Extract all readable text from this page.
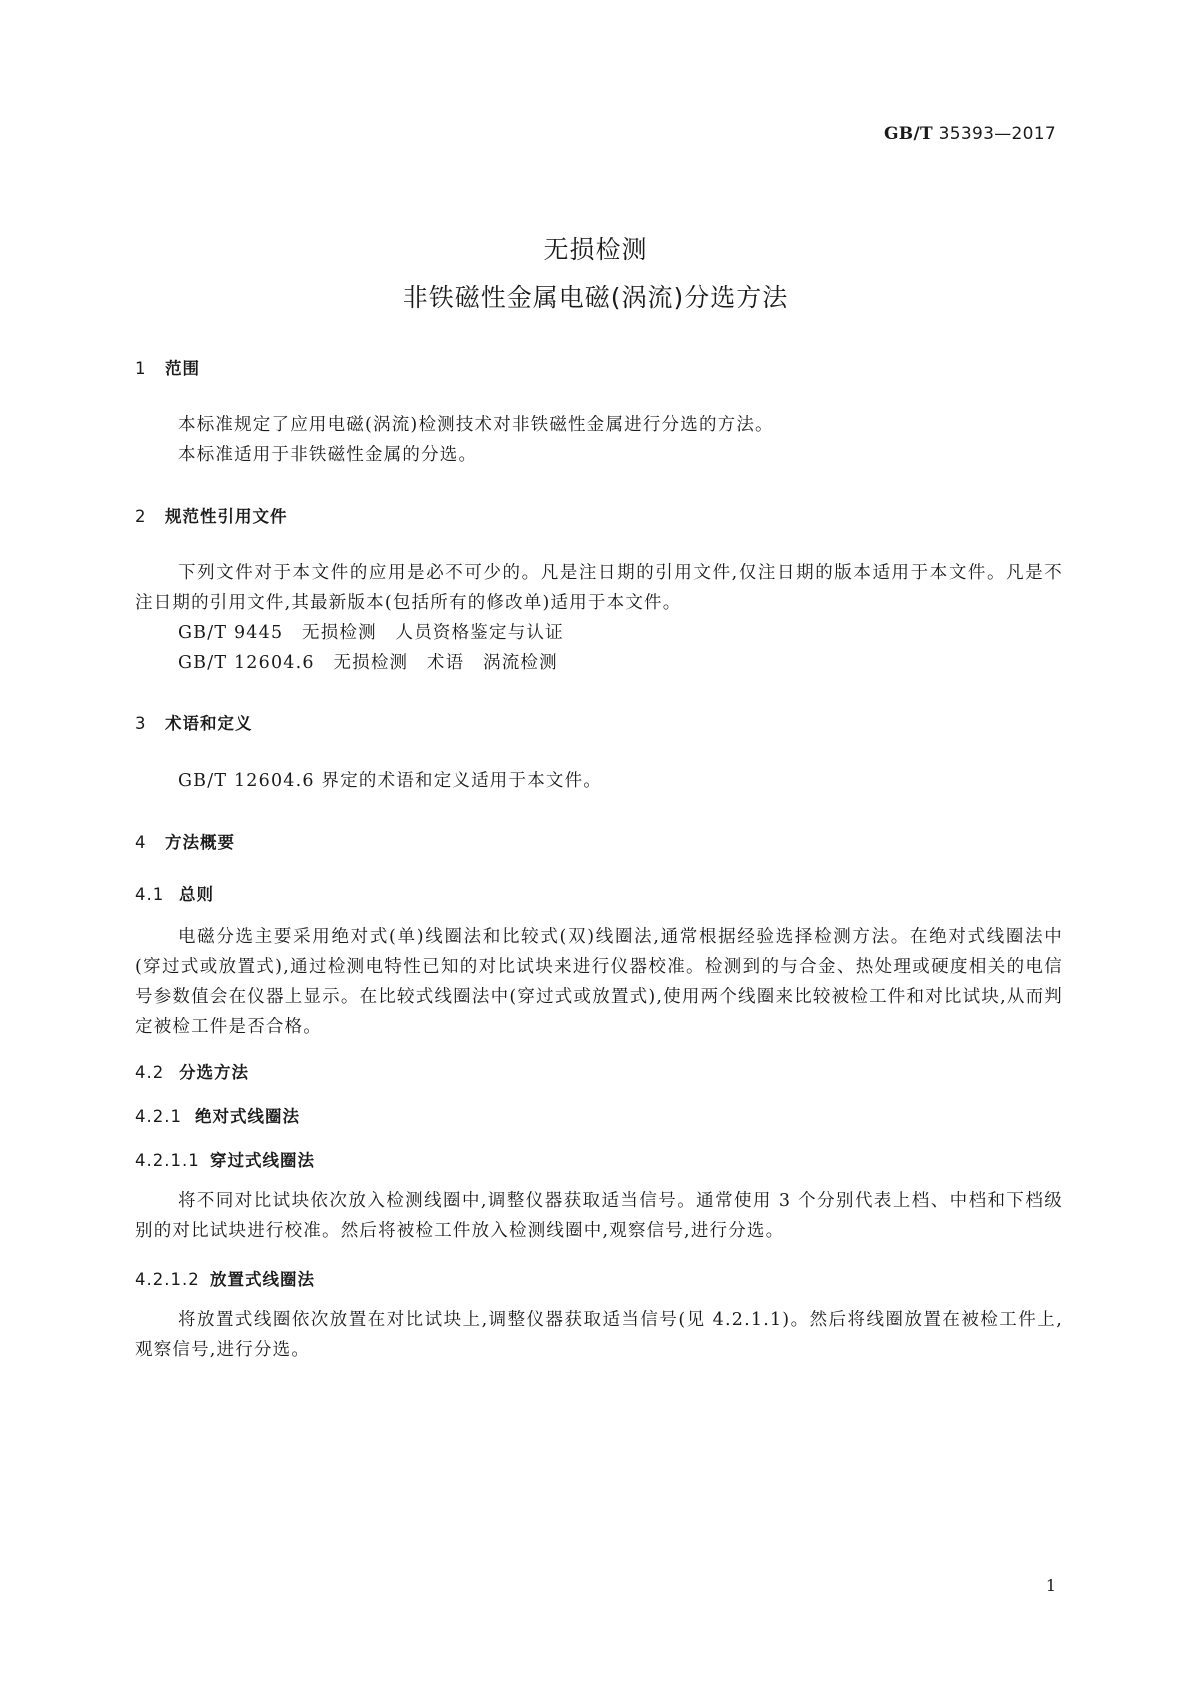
GB/T 35393—2017
无损检测
非铁磁性金属电磁(涡流)分选方法
1 范围
本标准规定了应用电磁(涡流)检测技术对非铁磁性金属进行分选的方法。
本标准适用于非铁磁性金属的分选。
2 规范性引用文件
下列文件对于本文件的应用是必不可少的。凡是注日期的引用文件,仅注日期的版本适用于本文件。凡是不注日期的引用文件,其最新版本(包括所有的修改单)适用于本文件。
GB/T 9445　无损检测　人员资格鉴定与认证
GB/T 12604.6　无损检测　术语　涡流检测
3 术语和定义
GB/T 12604.6 界定的术语和定义适用于本文件。
4 方法概要
4.1 总则
电磁分选主要采用绝对式(单)线圈法和比较式(双)线圈法,通常根据经验选择检测方法。在绝对式线圈法中(穿过式或放置式),通过检测电特性已知的对比试块来进行仪器校准。检测到的与合金、热处理或硬度相关的电信号参数值会在仪器上显示。在比较式线圈法中(穿过式或放置式),使用两个线圈来比较被检工件和对比试块,从而判定被检工件是否合格。
4.2 分选方法
4.2.1 绝对式线圈法
4.2.1.1 穿过式线圈法
将不同对比试块依次放入检测线圈中,调整仪器获取适当信号。通常使用 3 个分别代表上档、中档和下档级别的对比试块进行校准。然后将被检工件放入检测线圈中,观察信号,进行分选。
4.2.1.2 放置式线圈法
将放置式线圈依次放置在对比试块上,调整仪器获取适当信号(见 4.2.1.1)。然后将线圈放置在被检工件上,观察信号,进行分选。
1
